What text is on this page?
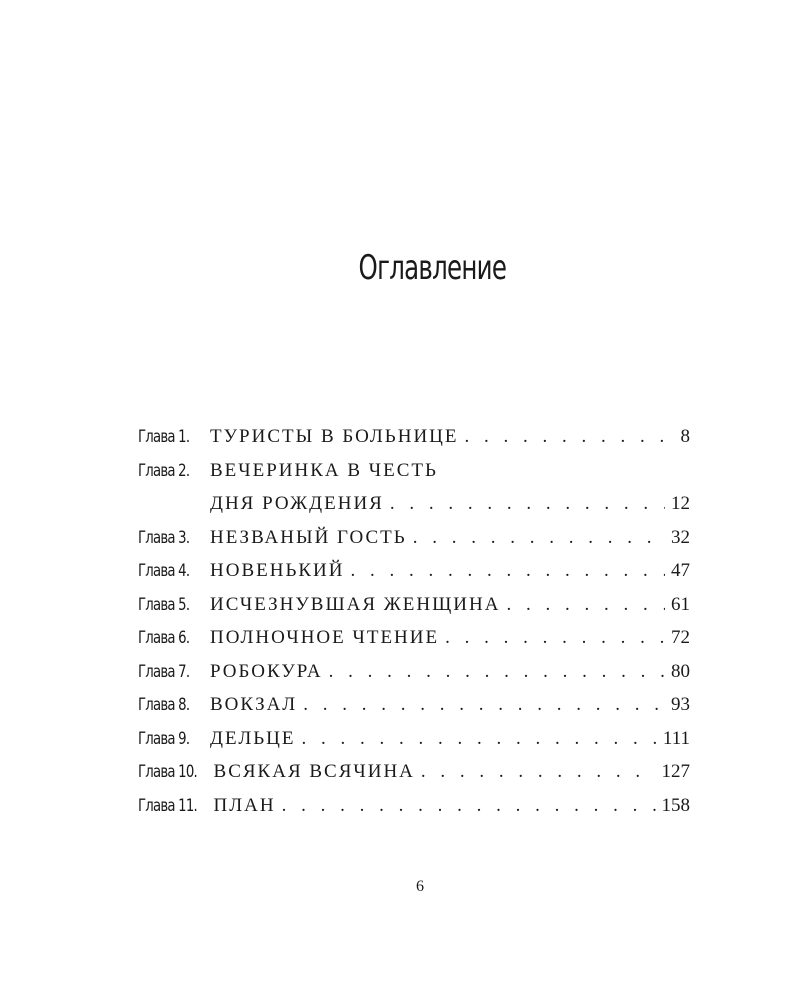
Оглавление
Глава 1. ТУРИСТЫ В БОЛЬНИЦЕ . . .	8
Глава 2. ВЕЧЕРИНКА В ЧЕСТЬ
ДНЯ РОЖДЕНИЯ . . .	12
Глава 3. НЕЗВАНЫЙ ГОСТЬ . . .	32
Глава 4. НОВЕНЬКИЙ . . .	47
Глава 5. ИСЧЕЗНУВШАЯ ЖЕНЩИНА . . .	61
Глава 6. ПОЛНОЧНОЕ ЧТЕНИЕ . . .	72
Глава 7. РОБОКУРА . . .	80
Глава 8. ВОКЗАЛ . . .	93
Глава 9. ДЕЛЬЦЕ . . .	111
Глава 10. ВСЯКАЯ ВСЯЧИНА . . .	127
Глава 11. ПЛАН . . .	158
6
